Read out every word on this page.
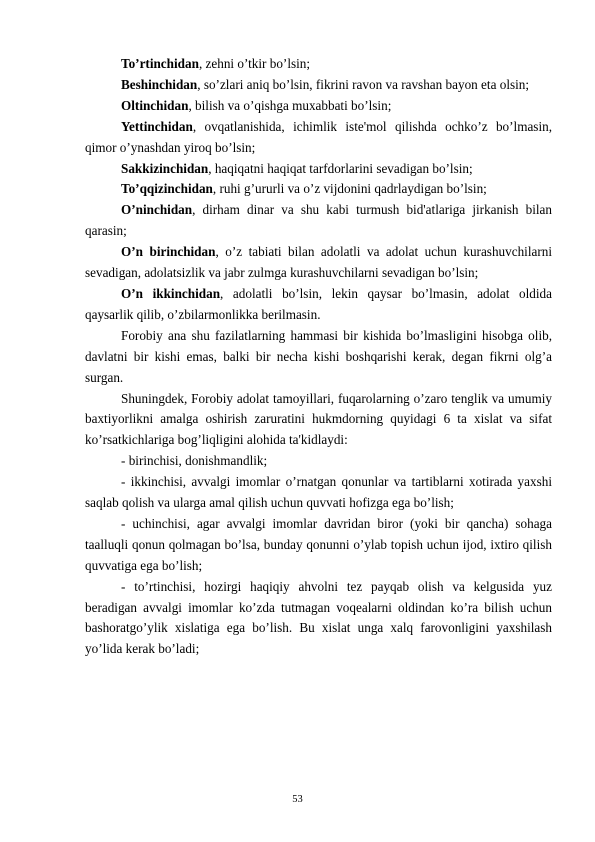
To’rtinchidan, zehni o’tkir bo’lsin;

Beshinchidan, so’zlari aniq bo’lsin, fikrini ravon va ravshan bayon eta olsin;

Oltinchidan, bilish va o’qishga muxabbati bo’lsin;

Yettinchidan, ovqatlanishida, ichimlik iste'mol qilishda ochko’z bo’lmasin, qimor o’ynashdan yiroq bo’lsin;

Sakkizinchidan, haqiqatni haqiqat tarfdorlarini sevadigan bo’lsin;

To’qqizinchidan, ruhi g’ururli va o’z vijdonini qadrlaydigan bo’lsin;

O’ninchidan, dirham dinar va shu kabi turmush bid'atlariga jirkanish bilan qarasin;

O’n birinchidan, o’z tabiati bilan adolatli va adolat uchun kurashuvchilarni sevadigan, adolatsizlik va jabr zulmga kurashuvchilarni sevadigan bo’lsin;

O’n ikkinchidan, adolatli bo’lsin, lekin qaysar bo’lmasin, adolat oldida qaysarlik qilib, o’zbilarmonlikka berilmasin.

Forobiy ana shu fazilatlarning hammasi bir kishida bo’lmasligini hisobga olib, davlatni bir kishi emas, balki bir necha kishi boshqarishi kerak, degan fikrni olg’a surgan.

Shuningdek, Forobiy adolat tamoyillari, fuqarolarning o’zaro tenglik va umumiy baxtiyorlikni amalga oshirish zaruratini hukmdorning quyidagi 6 ta xislat va sifat ko’rsatkichlariga bog’liqligini alohida ta'kidlaydi:

- birinchisi, donishmandlik;

- ikkinchisi, avvalgi imomlar o’rnatgan qonunlar va tartiblarni xotirada yaxshi saqlab qolish va ularga amal qilish uchun quvvati hofizga ega bo’lish;

- uchinchisi, agar avvalgi imomlar davridan biror (yoki bir qancha) sohaga taalluqli qonun qolmagan bo’lsa, bunday qonunni o’ylab topish uchun ijod, ixtiro qilish quvvatiga ega bo’lish;

- to’rtinchisi, hozirgi haqiqiy ahvolni tez payqab olish va kelgusida yuz beradigan avvalgi imomlar ko’zda tutmagan voqealarni oldindan ko’ra bilish uchun bashoratgo’ylik xislatiga ega bo’lish. Bu xislat unga xalq farovonligini yaxshilash yo’lida kerak bo’ladi;

53
